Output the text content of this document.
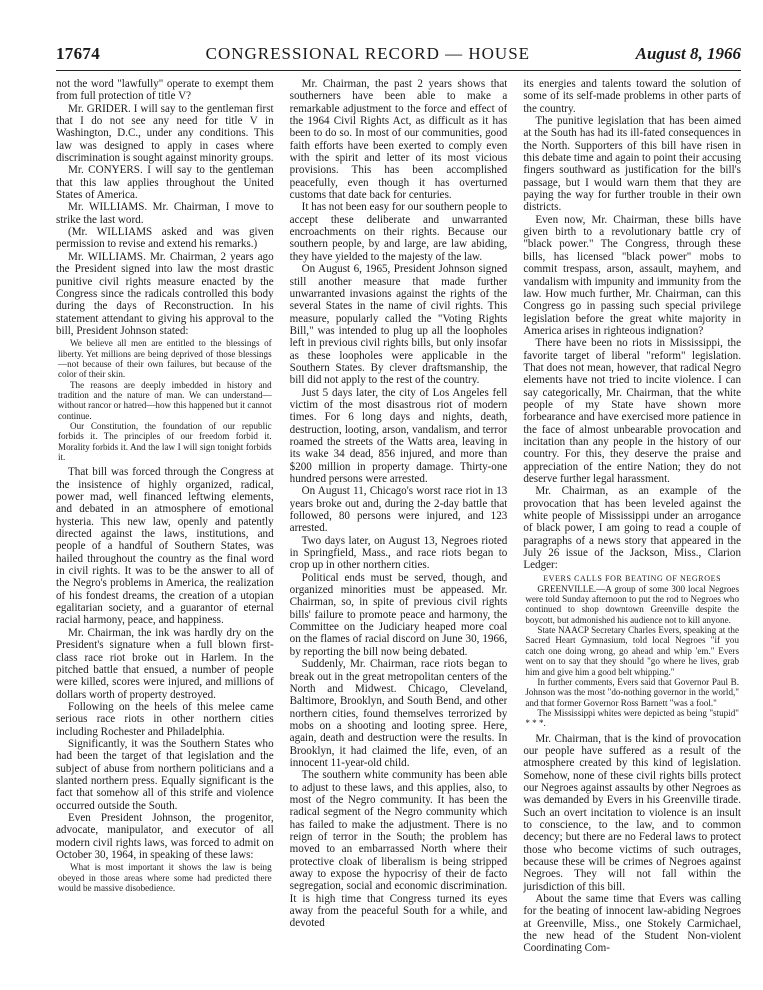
17674	CONGRESSIONAL RECORD — HOUSE	August 8, 1966

not the word "lawfully" operate to exempt them from full protection of title V?

Mr. GRIDER. I will say to the gentleman first that I do not see any need for title V in Washington, D.C., under any conditions. This law was designed to apply in cases where discrimination is sought against minority groups.

Mr. CONYERS. I will say to the gentleman that this law applies throughout the United States of America.

Mr. WILLIAMS. Mr. Chairman, I move to strike the last word.

(Mr. WILLIAMS asked and was given permission to revise and extend his remarks.)

Mr. WILLIAMS. Mr. Chairman, 2 years ago the President signed into law the most drastic punitive civil rights measure enacted by the Congress since the radicals controlled this body during the days of Reconstruction. In his statement attendant to giving his approval to the bill, President Johnson stated:

We believe all men are entitled to the blessings of liberty. Yet millions are being deprived of those blessings—not because of their own failures, but because of the color of their skin.

The reasons are deeply imbedded in history and tradition and the nature of man. We can understand—without rancor or hatred—how this happened but it cannot continue.

Our Constitution, the foundation of our republic forbids it. The principles of our freedom forbid it. Morality forbids it. And the law I will sign tonight forbids it.

That bill was forced through the Congress at the insistence of highly organized, radical, power mad, well financed leftwing elements, and debated in an atmosphere of emotional hysteria. This new law, openly and patently directed against the laws, institutions, and people of a handful of Southern States, was hailed throughout the country as the final word in civil rights. It was to be the answer to all of the Negro's problems in America, the realization of his fondest dreams, the creation of a utopian egalitarian society, and a guarantor of eternal racial harmony, peace, and happiness.

Mr. Chairman, the ink was hardly dry on the President's signature when a full blown first-class race riot broke out in Harlem. In the pitched battle that ensued, a number of people were killed, scores were injured, and millions of dollars worth of property destroyed.

Following on the heels of this melee came serious race riots in other northern cities including Rochester and Philadelphia.

Significantly, it was the Southern States who had been the target of that legislation and the subject of abuse from northern politicians and a slanted northern press. Equally significant is the fact that somehow all of this strife and violence occurred outside the South.

Even President Johnson, the progenitor, advocate, manipulator, and executor of all modern civil rights laws, was forced to admit on October 30, 1964, in speaking of these laws:

What is most important it shows the law is being obeyed in those areas where some had predicted there would be massive disobedience.

Mr. Chairman, the past 2 years shows that southerners have been able to make a remarkable adjustment to the force and effect of the 1964 Civil Rights Act, as difficult as it has been to do so. In most of our communities, good faith efforts have been exerted to comply even with the spirit and letter of its most vicious provisions. This has been accomplished peacefully, even though it has overturned customs that date back for centuries.

It has not been easy for our southern people to accept these deliberate and unwarranted encroachments on their rights. Because our southern people, by and large, are law abiding, they have yielded to the majesty of the law.

On August 6, 1965, President Johnson signed still another measure that made further unwarranted invasions against the rights of the several States in the name of civil rights. This measure, popularly called the "Voting Rights Bill," was intended to plug up all the loopholes left in previous civil rights bills, but only insofar as these loopholes were applicable in the Southern States. By clever draftsmanship, the bill did not apply to the rest of the country.

Just 5 days later, the city of Los Angeles fell victim of the most disastrous riot of modern times. For 6 long days and nights, death, destruction, looting, arson, vandalism, and terror roamed the streets of the Watts area, leaving in its wake 34 dead, 856 injured, and more than $200 million in property damage. Thirty-one hundred persons were arrested.

On August 11, Chicago's worst race riot in 13 years broke out and, during the 2-day battle that followed, 80 persons were injured, and 123 arrested.

Two days later, on August 13, Negroes rioted in Springfield, Mass., and race riots began to crop up in other northern cities.

Political ends must be served, though, and organized minorities must be appeased. Mr. Chairman, so, in spite of previous civil rights bills' failure to promote peace and harmony, the Committee on the Judiciary heaped more coal on the flames of racial discord on June 30, 1966, by reporting the bill now being debated.

Suddenly, Mr. Chairman, race riots began to break out in the great metropolitan centers of the North and Midwest. Chicago, Cleveland, Baltimore, Brooklyn, and South Bend, and other northern cities, found themselves terrorized by mobs on a shooting and looting spree. Here, again, death and destruction were the results. In Brooklyn, it had claimed the life, even, of an innocent 11-year-old child.

The southern white community has been able to adjust to these laws, and this applies, also, to most of the Negro community. It has been the radical segment of the Negro community which has failed to make the adjustment. There is no reign of terror in the South; the problem has moved to an embarrassed North where their protective cloak of liberalism is being stripped away to expose the hypocrisy of their de facto segregation, social and economic discrimination. It is high time that Congress turned its eyes away from the peaceful South for a while, and devoted

its energies and talents toward the solution of some of its self-made problems in other parts of the country.

The punitive legislation that has been aimed at the South has had its ill-fated consequences in the North. Supporters of this bill have risen in this debate time and again to point their accusing fingers southward as justification for the bill's passage, but I would warn them that they are paying the way for further trouble in their own districts.

Even now, Mr. Chairman, these bills have given birth to a revolutionary battle cry of "black power." The Congress, through these bills, has licensed "black power" mobs to commit trespass, arson, assault, mayhem, and vandalism with impunity and immunity from the law. How much further, Mr. Chairman, can this Congress go in passing such special privilege legislation before the great white majority in America arises in righteous indignation?

There have been no riots in Mississippi, the favorite target of liberal "reform" legislation. That does not mean, however, that radical Negro elements have not tried to incite violence. I can say categorically, Mr. Chairman, that the white people of my State have shown more forbearance and have exercised more patience in the face of almost unbearable provocation and incitation than any people in the history of our country. For this, they deserve the praise and appreciation of the entire Nation; they do not deserve further legal harassment.

Mr. Chairman, as an example of the provocation that has been leveled against the white people of Mississippi under an arrogance of black power, I am going to read a couple of paragraphs of a news story that appeared in the July 26 issue of the Jackson, Miss., Clarion Ledger:

EVERS CALLS FOR BEATING OF NEGROES

GREENVILLE.—A group of some 300 local Negroes were told Sunday afternoon to put the rod to Negroes who continued to shop downtown Greenville despite the boycott, but admonished his audience not to kill anyone.

State NAACP Secretary Charles Evers, speaking at the Sacred Heart Gymnasium, told local Negroes "if you catch one doing wrong, go ahead and whip 'em." Evers went on to say that they should "go where he lives, grab him and give him a good belt whipping."

In further comments, Evers said that Governor Paul B. Johnson was the most "do-nothing governor in the world," and that former Governor Ross Barnett "was a fool."

The Mississippi whites were depicted as being "stupid" * * *.

Mr. Chairman, that is the kind of provocation our people have suffered as a result of the atmosphere created by this kind of legislation. Somehow, none of these civil rights bills protect our Negroes against assaults by other Negroes as was demanded by Evers in his Greenville tirade. Such an overt incitation to violence is an insult to conscience, to the law, and to common decency; but there are no Federal laws to protect those who become victims of such outrages, because these will be crimes of Negroes against Negroes. They will not fall within the jurisdiction of this bill.

About the same time that Evers was calling for the beating of innocent law-abiding Negroes at Greenville, Miss., one Stokely Carmichael, the new head of the Student Non-violent Coordinating Com-
